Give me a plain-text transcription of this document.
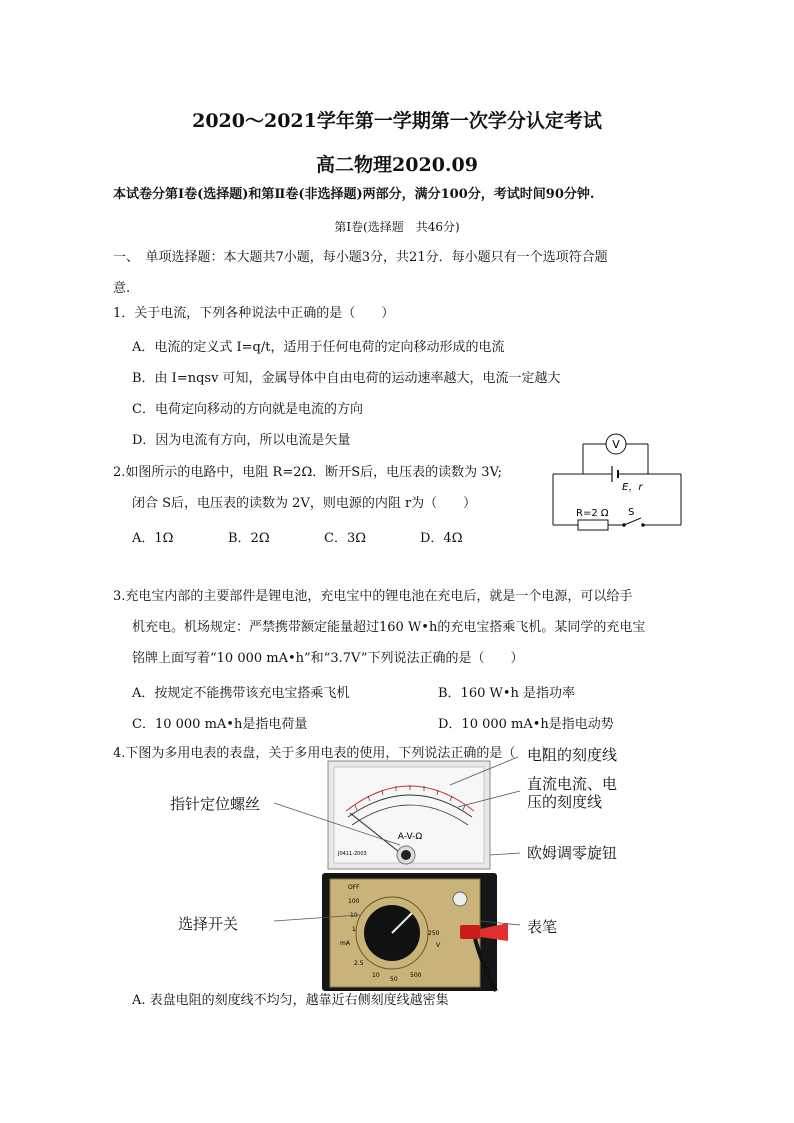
2020～2021学年第一学期第一次学分认定考试
高二物理2020.09
本试卷分第Ⅰ卷(选择题)和第Ⅱ卷(非选择题)两部分，满分100分，考试时间90分钟.
第Ⅰ卷(选择题　共46分)
一、　单项选择题：本大题共7小题，每小题3分，共21分．每小题只有一个选项符合题
意.
1．关于电流，下列各种说法中正确的是（　　）
A．电流的定义式 I=q/t，适用于任何电荷的定向移动形成的电流
B．由 I=nqsv 可知，金属导体中自由电荷的运动速率越大，电流一定越大
C．电荷定向移动的方向就是电流的方向
D．因为电流有方向，所以电流是矢量
2.如图所示的电路中，电阻 R=2Ω．断开S后，电压表的读数为 3V;
闭合 S后，电压表的读数为 2V，则电源的内阻 r为（　　）
A．1Ω	B．2Ω	C．3Ω	D．4Ω
V
E，r
R=2 Ω S
3.充电宝内部的主要部件是锂电池，充电宝中的锂电池在充电后，就是一个电源，可以给手
机充电。机场规定：严禁携带额定能量超过160 W•h的充电宝搭乘飞机。某同学的充电宝
铭牌上面写着“10 000 mA•h”和“3.7V”下列说法正确的是（　　）
A．按规定不能携带该充电宝搭乘飞机	B．160 W•h 是指功率
C．10 000 mA•h是指电荷量	D．10 000 mA•h是指电动势
4.下图为多用电表的表盘，关于多用电表的使用，下列说法正确的是（　　）
A-V-Ω
J0411-2003
OFF
100
10
1
mA	V
2.5
10
50
250
500
电阻的刻度线
直流电流、电
压的刻度线
指针定位螺丝
欧姆调零旋钮
选择开关	表笔
A. 表盘电阻的刻度线不均匀，越靠近右侧刻度线越密集
